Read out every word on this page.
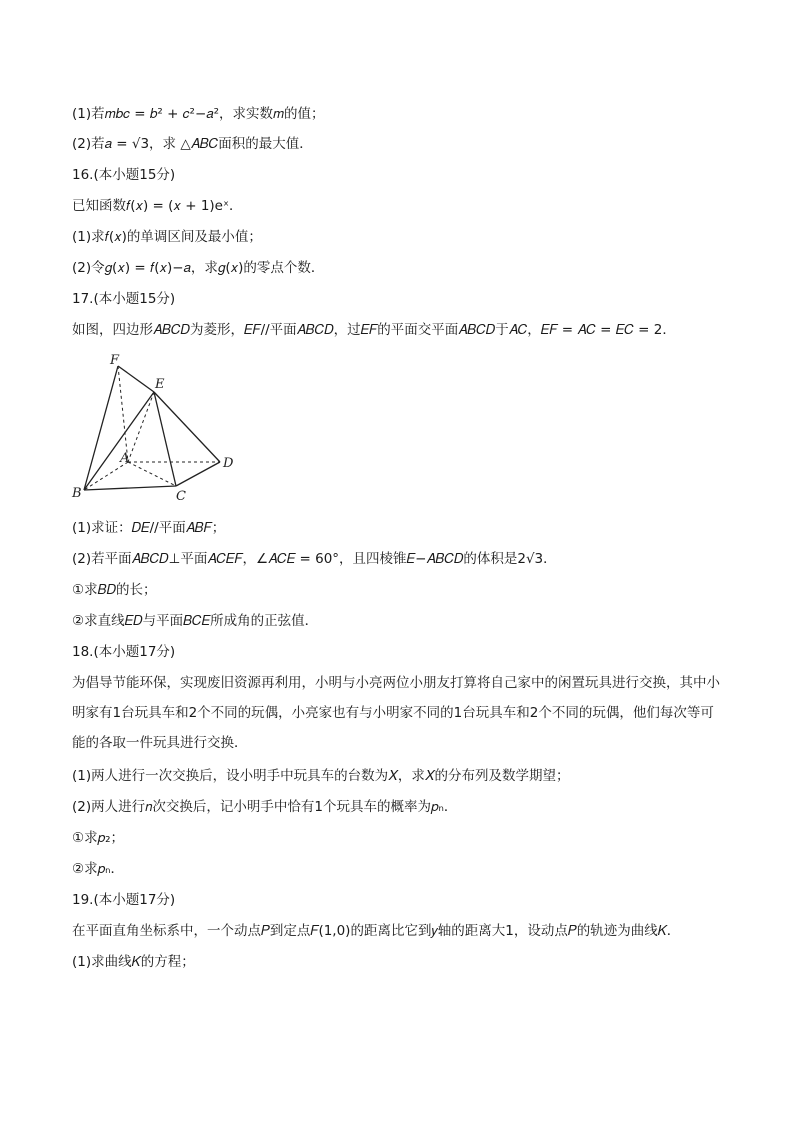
(1)若𝑚𝑏𝑐 = 𝑏² + 𝑐²−𝑎²，求实数𝑚的值；
(2)若𝑎 = √3，求 △𝐴𝐵𝐶面积的最大值．
16.(本小题15分)
已知函数𝑓(𝑥) = (𝑥 + 1)eˣ．
(1)求𝑓(𝑥)的单调区间及最小值；
(2)令𝑔(𝑥) = 𝑓(𝑥)−𝑎，求𝑔(𝑥)的零点个数．
17.(本小题15分)
如图，四边形𝐴𝐵𝐶𝐷为菱形，𝐸𝐹//平面𝐴𝐵𝐶𝐷，过𝐸𝐹的平面交平面𝐴𝐵𝐶𝐷于𝐴𝐶，𝐸𝐹 = 𝐴𝐶 = 𝐸𝐶 = 2．
F
E
A	D
B	C
(1)求证：𝐷𝐸//平面𝐴𝐵𝐹；
(2)若平面𝐴𝐵𝐶𝐷⊥平面𝐴𝐶𝐸𝐹，∠𝐴𝐶𝐸 = 60°，且四棱锥𝐸−𝐴𝐵𝐶𝐷的体积是2√3．
①求𝐵𝐷的长；
②求直线𝐸𝐷与平面𝐵𝐶𝐸所成角的正弦值．
18.(本小题17分)
为倡导节能环保，实现废旧资源再利用，小明与小亮两位小朋友打算将自己家中的闲置玩具进行交换，其中小明家有1台玩具车和2个不同的玩偶，小亮家也有与小明家不同的1台玩具车和2个不同的玩偶，他们每次等可能的各取一件玩具进行交换．
(1)两人进行一次交换后，设小明手中玩具车的台数为𝑋，求𝑋的分布列及数学期望；
(2)两人进行𝑛次交换后，记小明手中恰有1个玩具车的概率为𝑝ₙ．
①求𝑝₂；
②求𝑝ₙ．
19.(本小题17分)
在平面直角坐标系中，一个动点𝑃到定点𝐹(1,0)的距离比它到𝑦轴的距离大1，设动点𝑃的轨迹为曲线𝐾．
(1)求曲线𝐾的方程；
